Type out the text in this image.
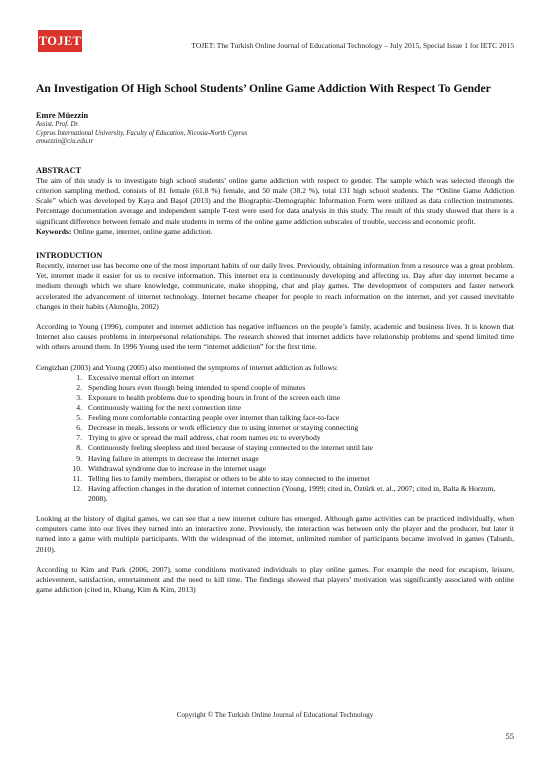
TOJET	TOJET: The Turkish Online Journal of Educational Technology – July 2015, Special Issue 1 for IETC 2015
An Investigation Of High School Students’ Online Game Addiction With Respect To Gender
Emre Müezzin
Assist. Prof. Dr.
Cyprus International University, Faculty of Education, Nicosia-North Cyprus
emuezzin@ciu.edu.tr
ABSTRACT

The aim of this study is to investigate high school students’ online game addiction with respect to gender. The sample which was selected through the criterion sampling method, consists of 81 female (61.8 %) female, and 50 male (38.2 %), total 131 high school students. The “Online Game Addiction Scale” which was developed by Kaya and Başol (2013) and the Biographic-Demographic Information Form were utilized as data collection instruments. Percentage documentation average and independent sample T-test were used for data analysis in this study. The result of this study showed that there is a significant difference between female and male students in terms of the online game addiction subscales of trouble, success and economic profit.

Keywords: Online game, internet, online game addiction.

INTRODUCTION

Recently, internet use has become one of the most important habits of our daily lives. Previously, obtaining information from a resource was a great problem. Yet, internet made it easier for us to receive information. This internet era is continuously developing and affecting us. Day after day internet became a medium through which we share knowledge, communicate, make shopping, chat and play games. The development of computers and faster network accelerated the advancement of internet technology. Internet became cheaper for people to reach information on the internet, and yet caused inevitable changes in their habits (Akmoğlu, 2002)

According to Young (1996), computer and internet addiction has negative influences on the people’s family, academic and business lives. It is known that Internet also causes problems in interpersonal relationships. The research showed that internet addicts have relationship problems and spend limited time with others around them. In 1996 Young used the term “internet addiction” for the first time.

Cengizhan (2003) and Young (2005) also mentioned the symptoms of internet addiction as follows:

1. Excessive mental effort on internet
2. Spending hours even though being intended to spend couple of minutes
3. Exposure to health problems due to spending hours in front of the screen each time
4. Continuously waiting for the next connection time
5. Feeling more comfortable contacting people over internet than talking face-to-face
6. Decrease in meals, lessons or work efficiency due to using internet or staying connecting
7. Trying to give or spread the mail address, chat room names etc to everybody
8. Continuously feeling sleepless and tired because of staying connected to the internet until late
9. Having failure in attempts to decrease the internet usage
10. Withdrawal syndrome due to increase in the internet usage
11. Telling lies to family members, therapist or others to be able to stay connected to the internet
12. Having affection changes in the duration of internet connection (Young, 1999; cited in, Öztürk et. al., 2007; cited in, Balta & Horzum, 2008).

Looking at the history of digital games, we can see that a new internet culture has emerged. Although game activities can be practiced individually, when computers came into our lives they turned into an interactive zone. Previously, the interaction was between only the player and the producer, but later it turned into a game with multiple participants. With the widespread of the internet, unlimited number of participants became involved in games (Tabanlı, 2010).

According to Kim and Park (2006, 2007), some conditions motivated individuals to play online games. For example the need for escapism, leisure, achievement, satisfaction, entertainment and the need to kill time. The findings showed that players’ motivation was significantly associated with online game addiction (cited in, Khang, Kim & Kim, 2013)

Copyright © The Turkish Online Journal of Educational Technology
55
